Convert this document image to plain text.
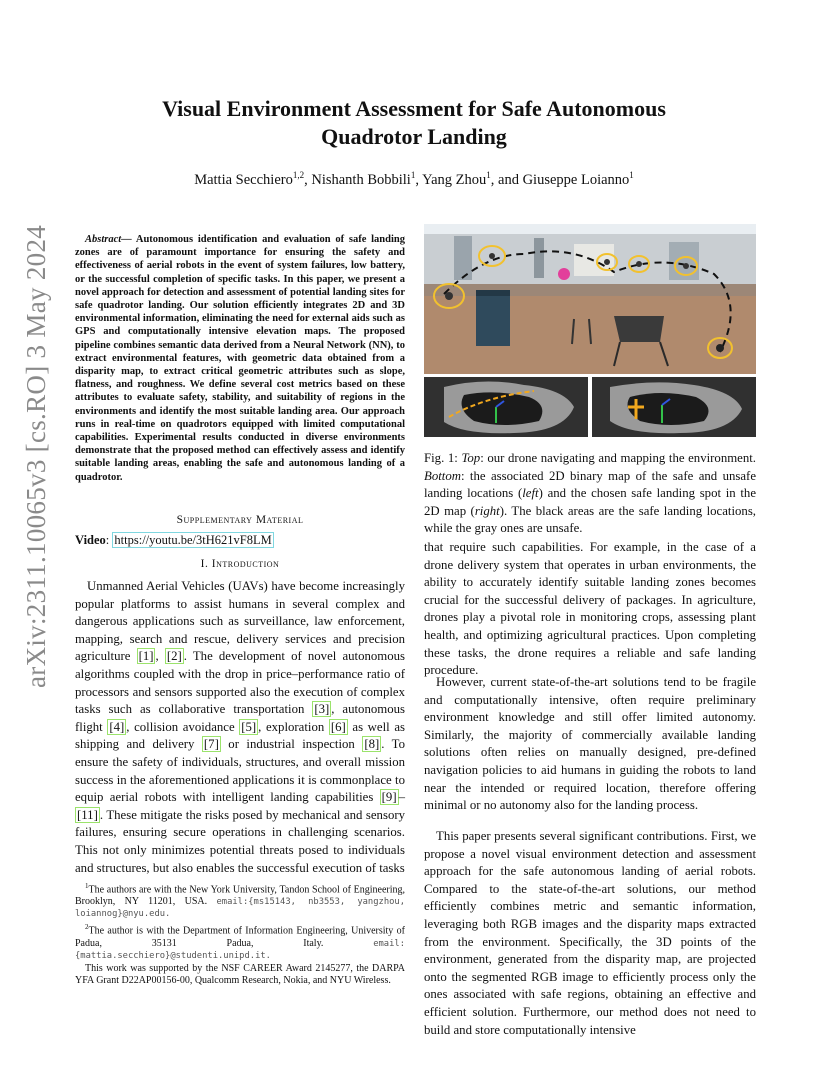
arXiv:2311.10065v3 [cs.RO] 3 May 2024
Visual Environment Assessment for Safe Autonomous
Quadrotor Landing

Mattia Secchiero$^{1,2}$, Nishanth Bobbili$^1$, Yang Zhou$^1$, and Giuseppe Loianno$^1$

Abstract— Autonomous identification and evaluation of safe landing zones are of paramount importance for ensuring the safety and effectiveness of aerial robots in the event of system failures, low battery, or the successful completion of specific tasks. In this paper, we present a novel approach for detection and assessment of potential landing sites for safe quadrotor landing. Our solution efficiently integrates 2D and 3D environmental information, eliminating the need for external aids such as GPS and computationally intensive elevation maps. The proposed pipeline combines semantic data derived from a Neural Network (NN), to extract environmental features, with geometric data obtained from a disparity map, to extract critical geometric attributes such as slope, flatness, and roughness. We define several cost metrics based on these attributes to evaluate safety, stability, and suitability of regions in the environments and identify the most suitable landing area. Our approach runs in real-time on quadrotors equipped with limited computational capabilities. Experimental results conducted in diverse environments demonstrate that the proposed method can effectively assess and identify suitable landing areas, enabling the safe and autonomous landing of a quadrotor.

Supplementary Material

Video: https://youtu.be/3tH621vF8LM

I. Introduction

Unmanned Aerial Vehicles (UAVs) have become increasingly popular platforms to assist humans in several complex and dangerous applications such as surveillance, law enforcement, mapping, search and rescue, delivery services and precision agriculture [1] , [2] . The development of novel autonomous algorithms coupled with the drop in price–performance ratio of processors and sensors supported also the execution of complex tasks such as collaborative transportation [3] , autonomous flight [4] , collision avoidance [5] , exploration [6] as well as shipping and delivery [7] or industrial inspection [8] . To ensure the safety of individuals, structures, and overall mission success in the aforementioned applications it is commonplace to equip aerial robots with intelligent landing capabilities [9] –[11] . These mitigate the risks posed by mechanical and sensory failures, ensuring secure operations in challenging scenarios. This not only minimizes potential threats posed to individuals and structures, but also enables the successful execution of tasks

$^1$The authors are with the New York University, Tandon School of Engineering, Brooklyn, NY 11201, USA. email:{ms15143, nb3553, yangzhou, loiannog}@nyu.edu.

$^2$The author is with the Department of Information Engineering, University of Padua, 35131 Padua, Italy. email:{mattia.secchiero}@studenti.unipd.it.

This work was supported by the NSF CAREER Award 2145277, the DARPA YFA Grant D22AP00156-00, Qualcomm Research, Nokia, and NYU Wireless.

Fig. 1: Top: our drone navigating and mapping the environment. Bottom: the associated 2D binary map of the safe and unsafe landing locations (left) and the chosen safe landing spot in the 2D map (right). The black areas are the safe landing locations, while the gray ones are unsafe.

that require such capabilities. For example, in the case of a drone delivery system that operates in urban environments, the ability to accurately identify suitable landing zones becomes crucial for the successful delivery of packages. In agriculture, drones play a pivotal role in monitoring crops, assessing plant health, and optimizing agricultural practices. Upon completing these tasks, the drone requires a reliable and safe landing procedure.

However, current state-of-the-art solutions tend to be fragile and computationally intensive, often require preliminary environment knowledge and still offer limited autonomy. Similarly, the majority of commercially available landing solutions often relies on manually designed, pre-defined navigation policies to aid humans in guiding the robots to land near the intended or required location, therefore offering minimal or no autonomy also for the landing process.

This paper presents several significant contributions. First, we propose a novel visual environment detection and assessment approach for the safe autonomous landing of aerial robots. Compared to the state-of-the-art solutions, our method efficiently combines metric and semantic information, leveraging both RGB images and the disparity maps extracted from the environment. Specifically, the 3D points of the environment, generated from the disparity map, are projected onto the segmented RGB image to efficiently process only the ones associated with safe regions, obtaining an effective and efficient solution. Furthermore, our method does not need to build and store computationally intensive
